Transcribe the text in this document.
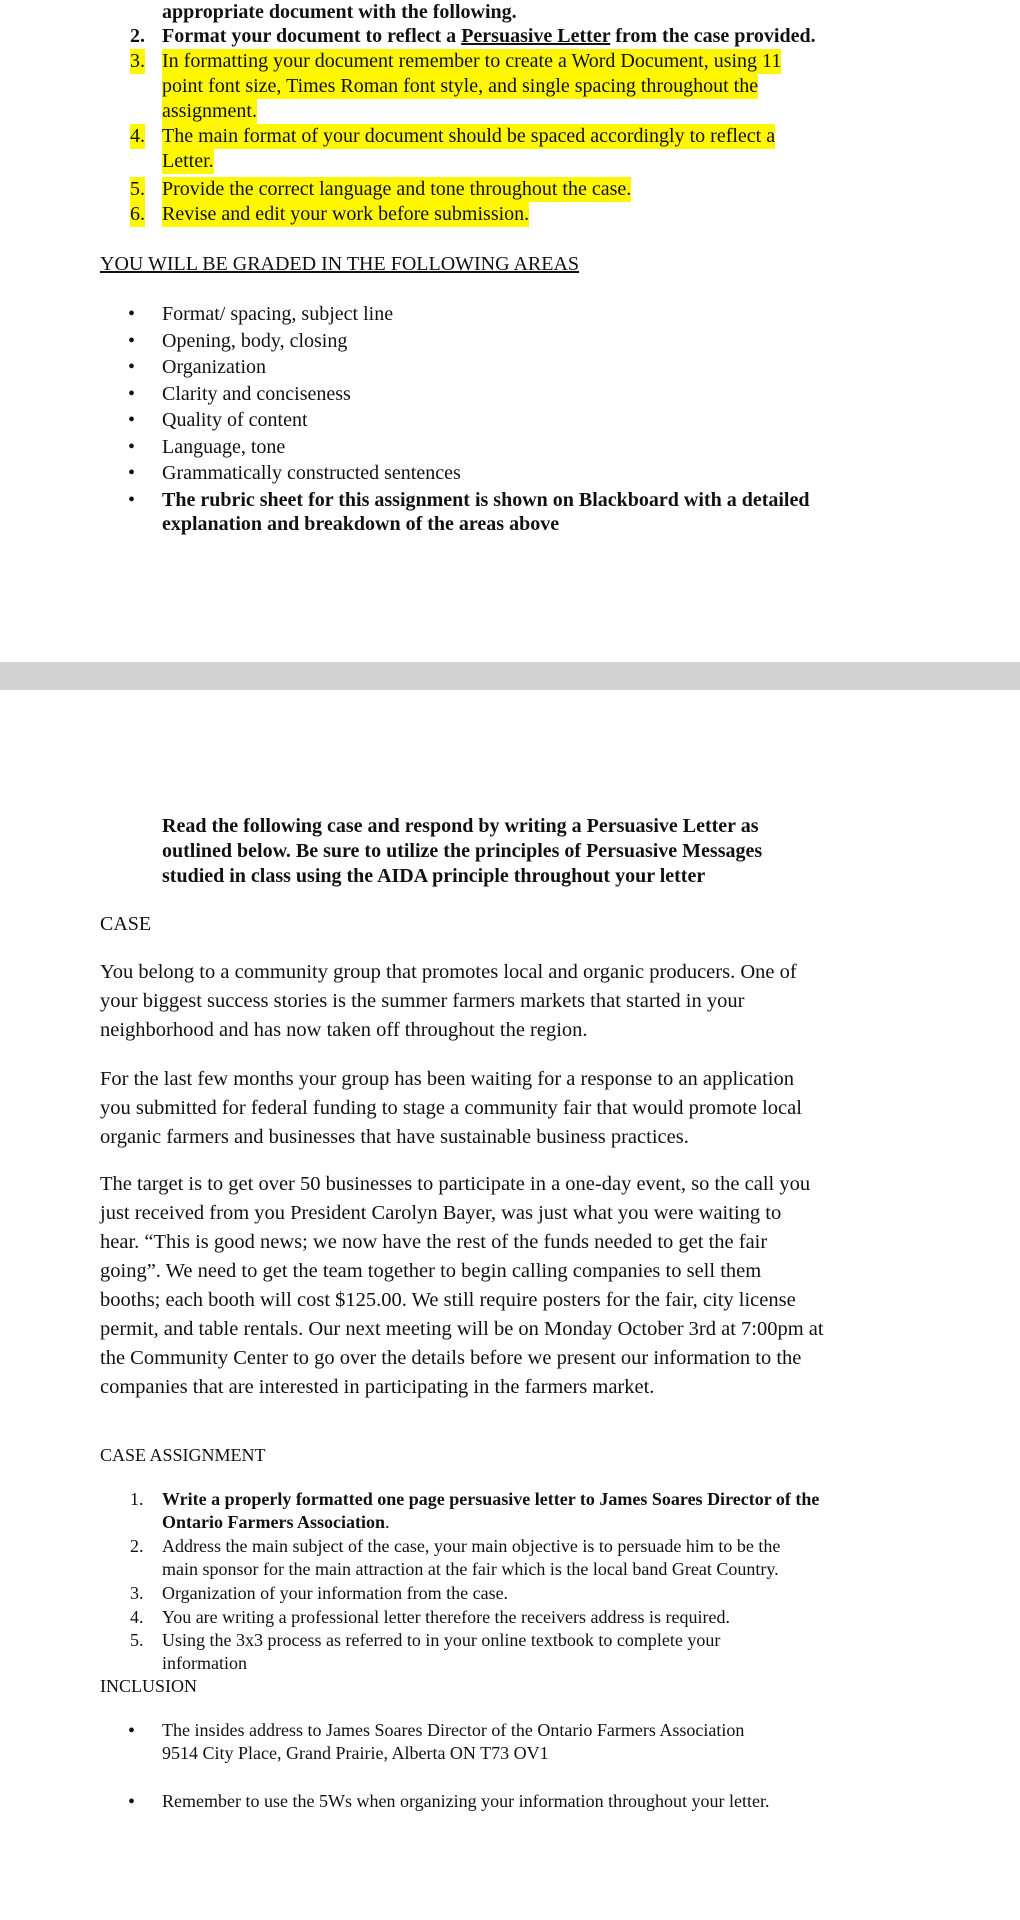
appropriate document with the following.
2. Format your document to reflect a Persuasive Letter from the case provided.
3. In formatting your document remember to create a Word Document, using 11
point font size, Times Roman font style, and single spacing throughout the
assignment.
4. The main format of your document should be spaced accordingly to reflect a
Letter.
5. Provide the correct language and tone throughout the case.
6. Revise and edit your work before submission.
YOU WILL BE GRADED IN THE FOLLOWING AREAS
• Format/ spacing, subject line
• Opening, body, closing
• Organization
• Clarity and conciseness
• Quality of content
• Language, tone
• Grammatically constructed sentences
• The rubric sheet for this assignment is shown on Blackboard with a detailed
explanation and breakdown of the areas above
Read the following case and respond by writing a Persuasive Letter as
outlined below. Be sure to utilize the principles of Persuasive Messages
studied in class using the AIDA principle throughout your letter
CASE
You belong to a community group that promotes local and organic producers. One of
your biggest success stories is the summer farmers markets that started in your
neighborhood and has now taken off throughout the region.
For the last few months your group has been waiting for a response to an application
you submitted for federal funding to stage a community fair that would promote local
organic farmers and businesses that have sustainable business practices.
The target is to get over 50 businesses to participate in a one-day event, so the call you
just received from you President Carolyn Bayer, was just what you were waiting to
hear. “This is good news; we now have the rest of the funds needed to get the fair
going”. We need to get the team together to begin calling companies to sell them
booths; each booth will cost $125.00. We still require posters for the fair, city license
permit, and table rentals. Our next meeting will be on Monday October 3rd at 7:00pm at
the Community Center to go over the details before we present our information to the
companies that are interested in participating in the farmers market.
CASE ASSIGNMENT
1. Write a properly formatted one page persuasive letter to James Soares Director of the
Ontario Farmers Association.
2. Address the main subject of the case, your main objective is to persuade him to be the
main sponsor for the main attraction at the fair which is the local band Great Country.
3. Organization of your information from the case.
4. You are writing a professional letter therefore the receivers address is required.
5. Using the 3x3 process as referred to in your online textbook to complete your
information
INCLUSION
• The insides address to James Soares Director of the Ontario Farmers Association
9514 City Place, Grand Prairie, Alberta ON T73 OV1
• Remember to use the 5Ws when organizing your information throughout your letter.
